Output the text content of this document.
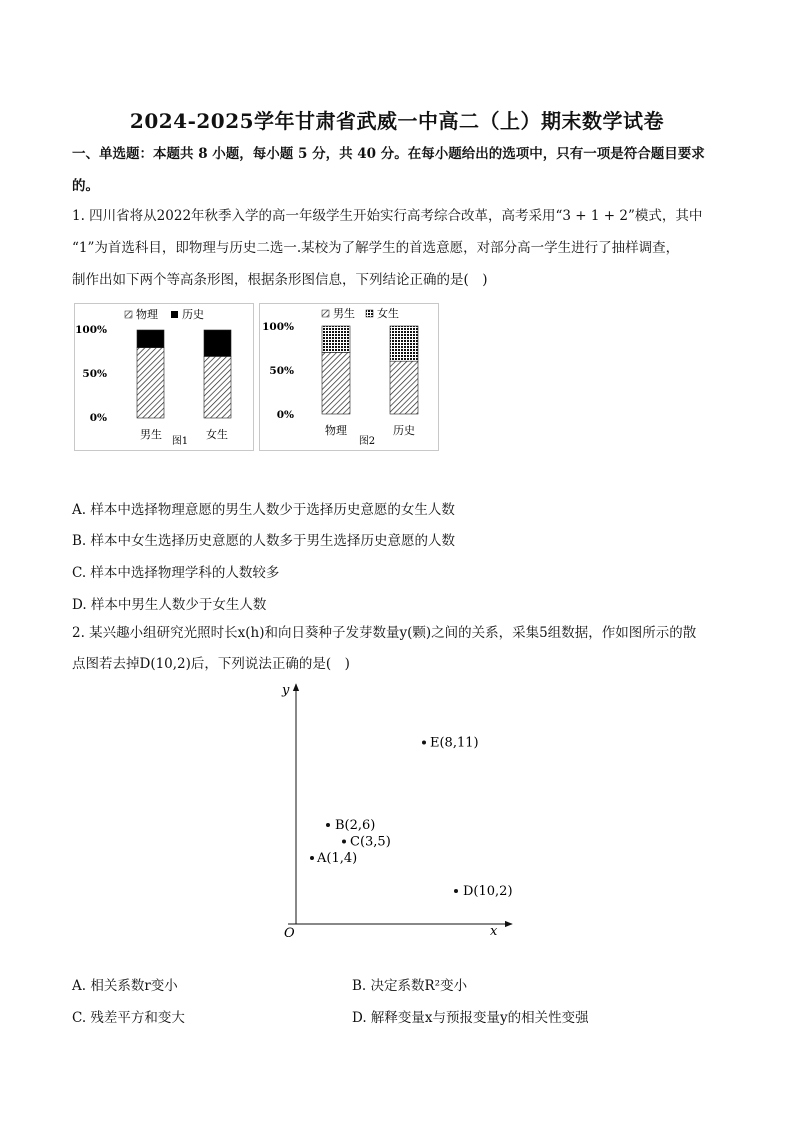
2024-2025学年甘肃省武威一中高二（上）期末数学试卷
一、单选题：本题共 8 小题，每小题 5 分，共 40 分。在每小题给出的选项中，只有一项是符合题目要求
的。
1. 四川省将从2022年秋季入学的高一年级学生开始实行高考综合改革，高考采用“3 + 1 + 2”模式，其中
“1”为首选科目，即物理与历史二选一.某校为了解学生的首选意愿，对部分高一学生进行了抽样调查，
制作出如下两个等高条形图，根据条形图信息，下列结论正确的是(　)
物理 历史
100%
50%
0%
男生	女生
图1
男生 女生
100%
50%
0%
物理	历史
图2
A. 样本中选择物理意愿的男生人数少于选择历史意愿的女生人数
B. 样本中女生选择历史意愿的人数多于男生选择历史意愿的人数
C. 样本中选择物理学科的人数较多
D. 样本中男生人数少于女生人数
2. 某兴趣小组研究光照时长x(h)和向日葵种子发芽数量y(颗)之间的关系，采集5组数据，作如图所示的散
点图若去掉D(10,2)后，下列说法正确的是(　)
y
x
O
A(1,4)
B(2,6)
C(3,5)
D(10,2)
E(8,11)
A. 相关系数r变小	B. 决定系数R²变小
C. 残差平方和变大	D. 解释变量x与预报变量y的相关性变强
